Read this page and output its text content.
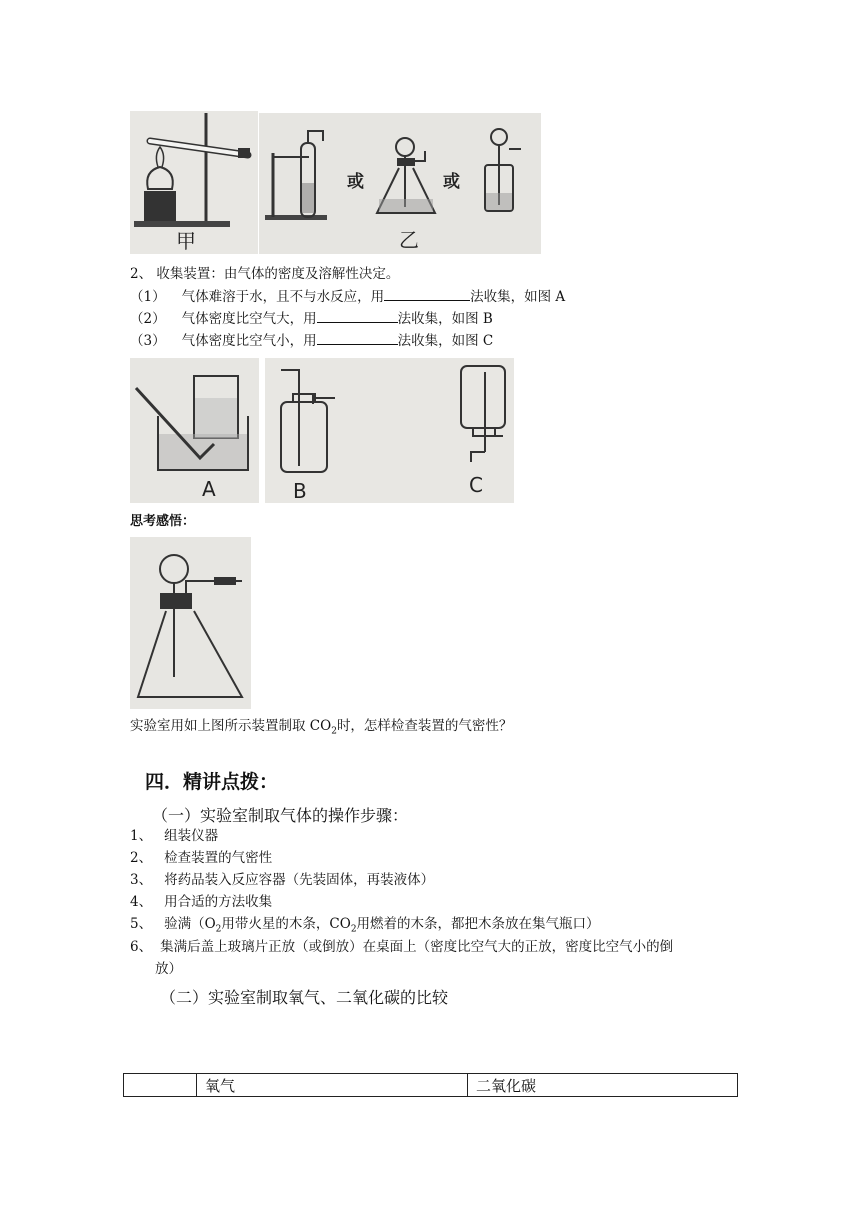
甲
或	或
乙
2、 收集装置：由气体的密度及溶解性决定。
（1） 气体难溶于水，且不与水反应，用	法收集，如图 A
（2） 气体密度比空气大，用	法收集，如图 B
（3） 气体密度比空气小，用	法收集，如图 C
A	B	C
思考感悟：
实验室用如上图所示装置制取 $CO_2$时，怎样检查装置的气密性？
四．精讲点拨：
（一）实验室制取气体的操作步骤：
1、 组装仪器
2、 检查装置的气密性
3、 将药品装入反应容器（先装固体，再装液体）
4、 用合适的方法收集
5、 验满（$O_2$用带火星的木条，$CO_2$用燃着的木条，都把木条放在集气瓶口）
6、 集满后盖上玻璃片正放（或倒放）在桌面上（密度比空气大的正放，密度比空气小的倒
放）
（二）实验室制取氧气、二氧化碳的比较
	氧气	二氧化碳
